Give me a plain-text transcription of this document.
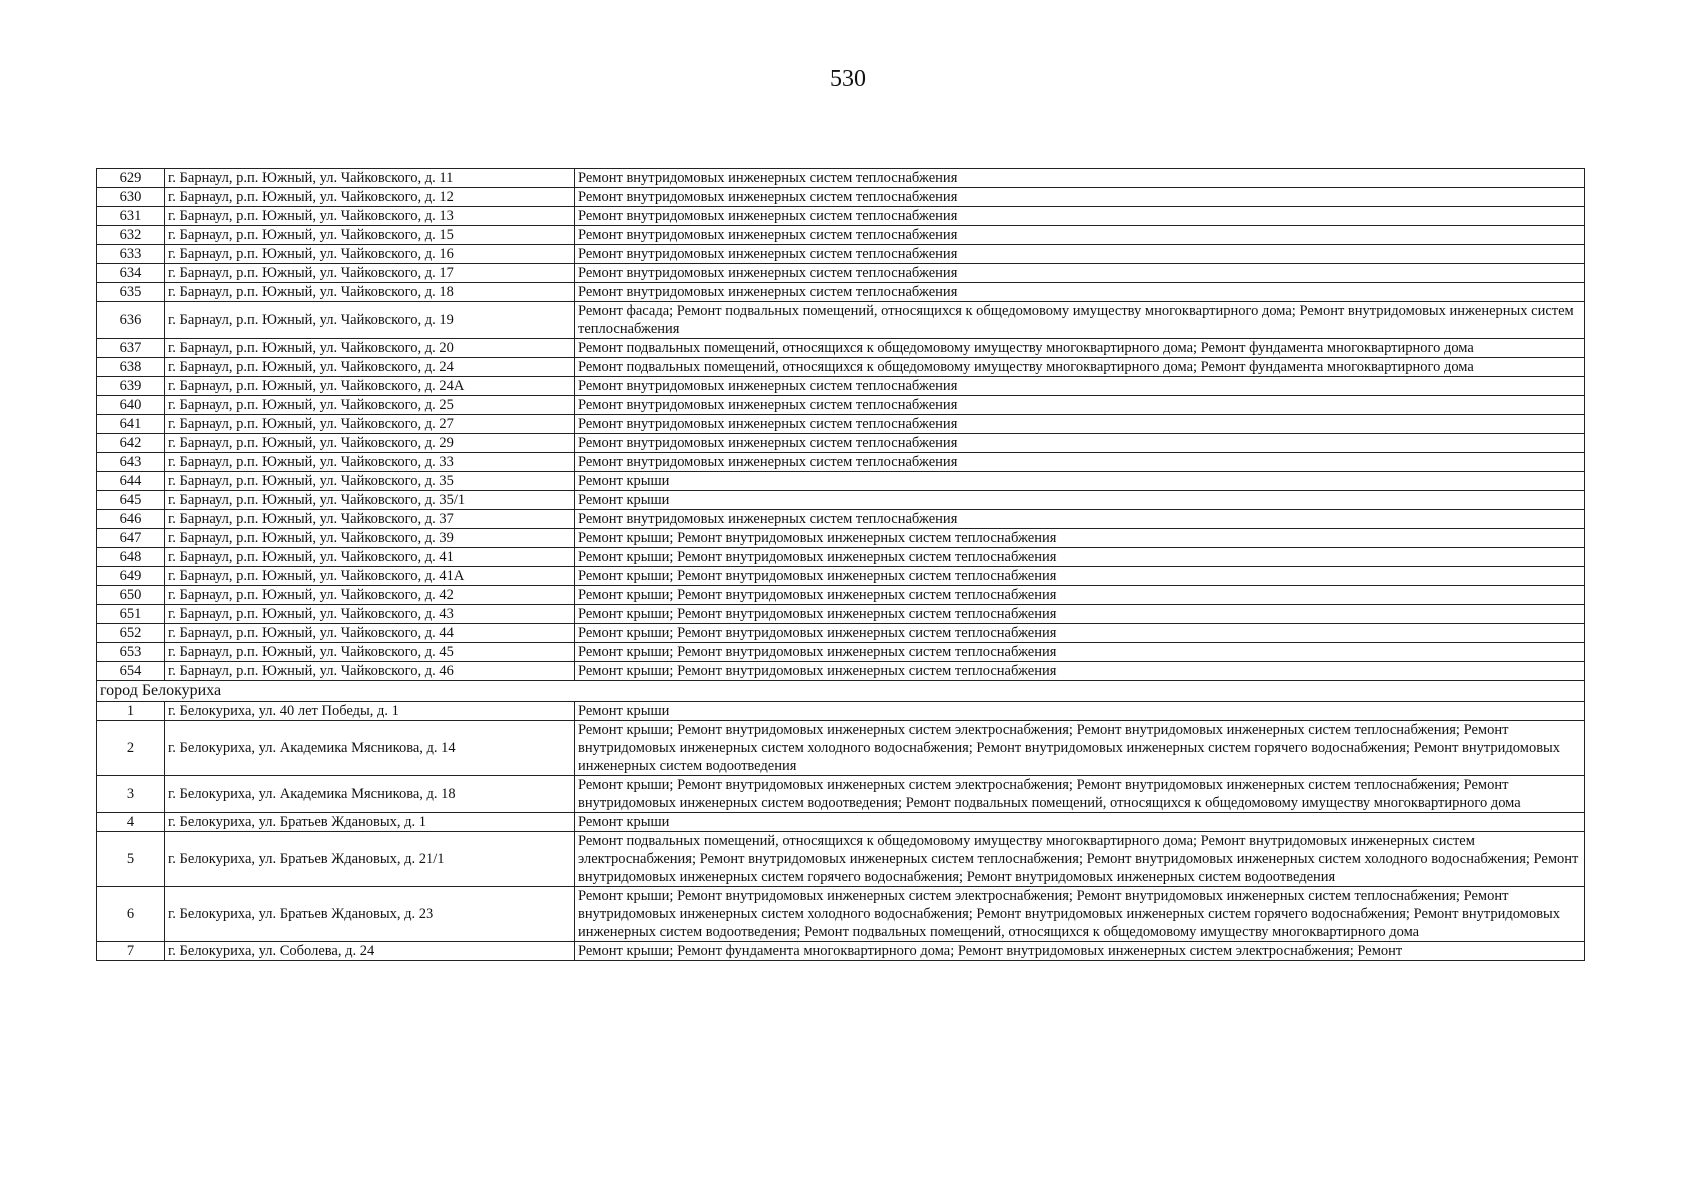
530
629	г. Барнаул, р.п. Южный, ул. Чайковского, д. 11	Ремонт внутридомовых инженерных систем теплоснабжения
630	г. Барнаул, р.п. Южный, ул. Чайковского, д. 12	Ремонт внутридомовых инженерных систем теплоснабжения
631	г. Барнаул, р.п. Южный, ул. Чайковского, д. 13	Ремонт внутридомовых инженерных систем теплоснабжения
632	г. Барнаул, р.п. Южный, ул. Чайковского, д. 15	Ремонт внутридомовых инженерных систем теплоснабжения
633	г. Барнаул, р.п. Южный, ул. Чайковского, д. 16	Ремонт внутридомовых инженерных систем теплоснабжения
634	г. Барнаул, р.п. Южный, ул. Чайковского, д. 17	Ремонт внутридомовых инженерных систем теплоснабжения
635	г. Барнаул, р.п. Южный, ул. Чайковского, д. 18	Ремонт внутридомовых инженерных систем теплоснабжения
636	г. Барнаул, р.п. Южный, ул. Чайковского, д. 19	Ремонт фасада; Ремонт подвальных помещений, относящихся к общедомовому имуществу многоквартирного дома; Ремонт внутридомовых инженерных систем теплоснабжения
637	г. Барнаул, р.п. Южный, ул. Чайковского, д. 20	Ремонт подвальных помещений, относящихся к общедомовому имуществу многоквартирного дома; Ремонт фундамента многоквартирного дома
638	г. Барнаул, р.п. Южный, ул. Чайковского, д. 24	Ремонт подвальных помещений, относящихся к общедомовому имуществу многоквартирного дома; Ремонт фундамента многоквартирного дома
639	г. Барнаул, р.п. Южный, ул. Чайковского, д. 24А	Ремонт внутридомовых инженерных систем теплоснабжения
640	г. Барнаул, р.п. Южный, ул. Чайковского, д. 25	Ремонт внутридомовых инженерных систем теплоснабжения
641	г. Барнаул, р.п. Южный, ул. Чайковского, д. 27	Ремонт внутридомовых инженерных систем теплоснабжения
642	г. Барнаул, р.п. Южный, ул. Чайковского, д. 29	Ремонт внутридомовых инженерных систем теплоснабжения
643	г. Барнаул, р.п. Южный, ул. Чайковского, д. 33	Ремонт внутридомовых инженерных систем теплоснабжения
644	г. Барнаул, р.п. Южный, ул. Чайковского, д. 35	Ремонт крыши
645	г. Барнаул, р.п. Южный, ул. Чайковского, д. 35/1	Ремонт крыши
646	г. Барнаул, р.п. Южный, ул. Чайковского, д. 37	Ремонт внутридомовых инженерных систем теплоснабжения
647	г. Барнаул, р.п. Южный, ул. Чайковского, д. 39	Ремонт крыши; Ремонт внутридомовых инженерных систем теплоснабжения
648	г. Барнаул, р.п. Южный, ул. Чайковского, д. 41	Ремонт крыши; Ремонт внутридомовых инженерных систем теплоснабжения
649	г. Барнаул, р.п. Южный, ул. Чайковского, д. 41А	Ремонт крыши; Ремонт внутридомовых инженерных систем теплоснабжения
650	г. Барнаул, р.п. Южный, ул. Чайковского, д. 42	Ремонт крыши; Ремонт внутридомовых инженерных систем теплоснабжения
651	г. Барнаул, р.п. Южный, ул. Чайковского, д. 43	Ремонт крыши; Ремонт внутридомовых инженерных систем теплоснабжения
652	г. Барнаул, р.п. Южный, ул. Чайковского, д. 44	Ремонт крыши; Ремонт внутридомовых инженерных систем теплоснабжения
653	г. Барнаул, р.п. Южный, ул. Чайковского, д. 45	Ремонт крыши; Ремонт внутридомовых инженерных систем теплоснабжения
654	г. Барнаул, р.п. Южный, ул. Чайковского, д. 46	Ремонт крыши; Ремонт внутридомовых инженерных систем теплоснабжения
город Белокуриха		
1	г. Белокуриха, ул. 40 лет Победы, д. 1	Ремонт крыши
2	г. Белокуриха, ул. Академика Мясникова, д. 14	Ремонт крыши; Ремонт внутридомовых инженерных систем электроснабжения; Ремонт внутридомовых инженерных систем теплоснабжения; Ремонт внутридомовых инженерных систем холодного водоснабжения; Ремонт внутридомовых инженерных систем горячего водоснабжения; Ремонт внутридомовых инженерных систем водоотведения
3	г. Белокуриха, ул. Академика Мясникова, д. 18	Ремонт крыши; Ремонт внутридомовых инженерных систем электроснабжения; Ремонт внутридомовых инженерных систем теплоснабжения; Ремонт внутридомовых инженерных систем водоотведения; Ремонт подвальных помещений, относящихся к общедомовому имуществу многоквартирного дома
4	г. Белокуриха, ул. Братьев Ждановых, д. 1	Ремонт крыши
5	г. Белокуриха, ул. Братьев Ждановых, д. 21/1	Ремонт подвальных помещений, относящихся к общедомовому имуществу многоквартирного дома; Ремонт внутридомовых инженерных систем электроснабжения; Ремонт внутридомовых инженерных систем теплоснабжения; Ремонт внутридомовых инженерных систем холодного водоснабжения; Ремонт внутридомовых инженерных систем горячего водоснабжения; Ремонт внутридомовых инженерных систем водоотведения
6	г. Белокуриха, ул. Братьев Ждановых, д. 23	Ремонт крыши; Ремонт внутридомовых инженерных систем электроснабжения; Ремонт внутридомовых инженерных систем теплоснабжения; Ремонт внутридомовых инженерных систем холодного водоснабжения; Ремонт внутридомовых инженерных систем горячего водоснабжения; Ремонт внутридомовых инженерных систем водоотведения; Ремонт подвальных помещений, относящихся к общедомовому имуществу многоквартирного дома
7	г. Белокуриха, ул. Соболева, д. 24	Ремонт крыши; Ремонт фундамента многоквартирного дома; Ремонт внутридомовых инженерных систем электроснабжения; Ремонт
